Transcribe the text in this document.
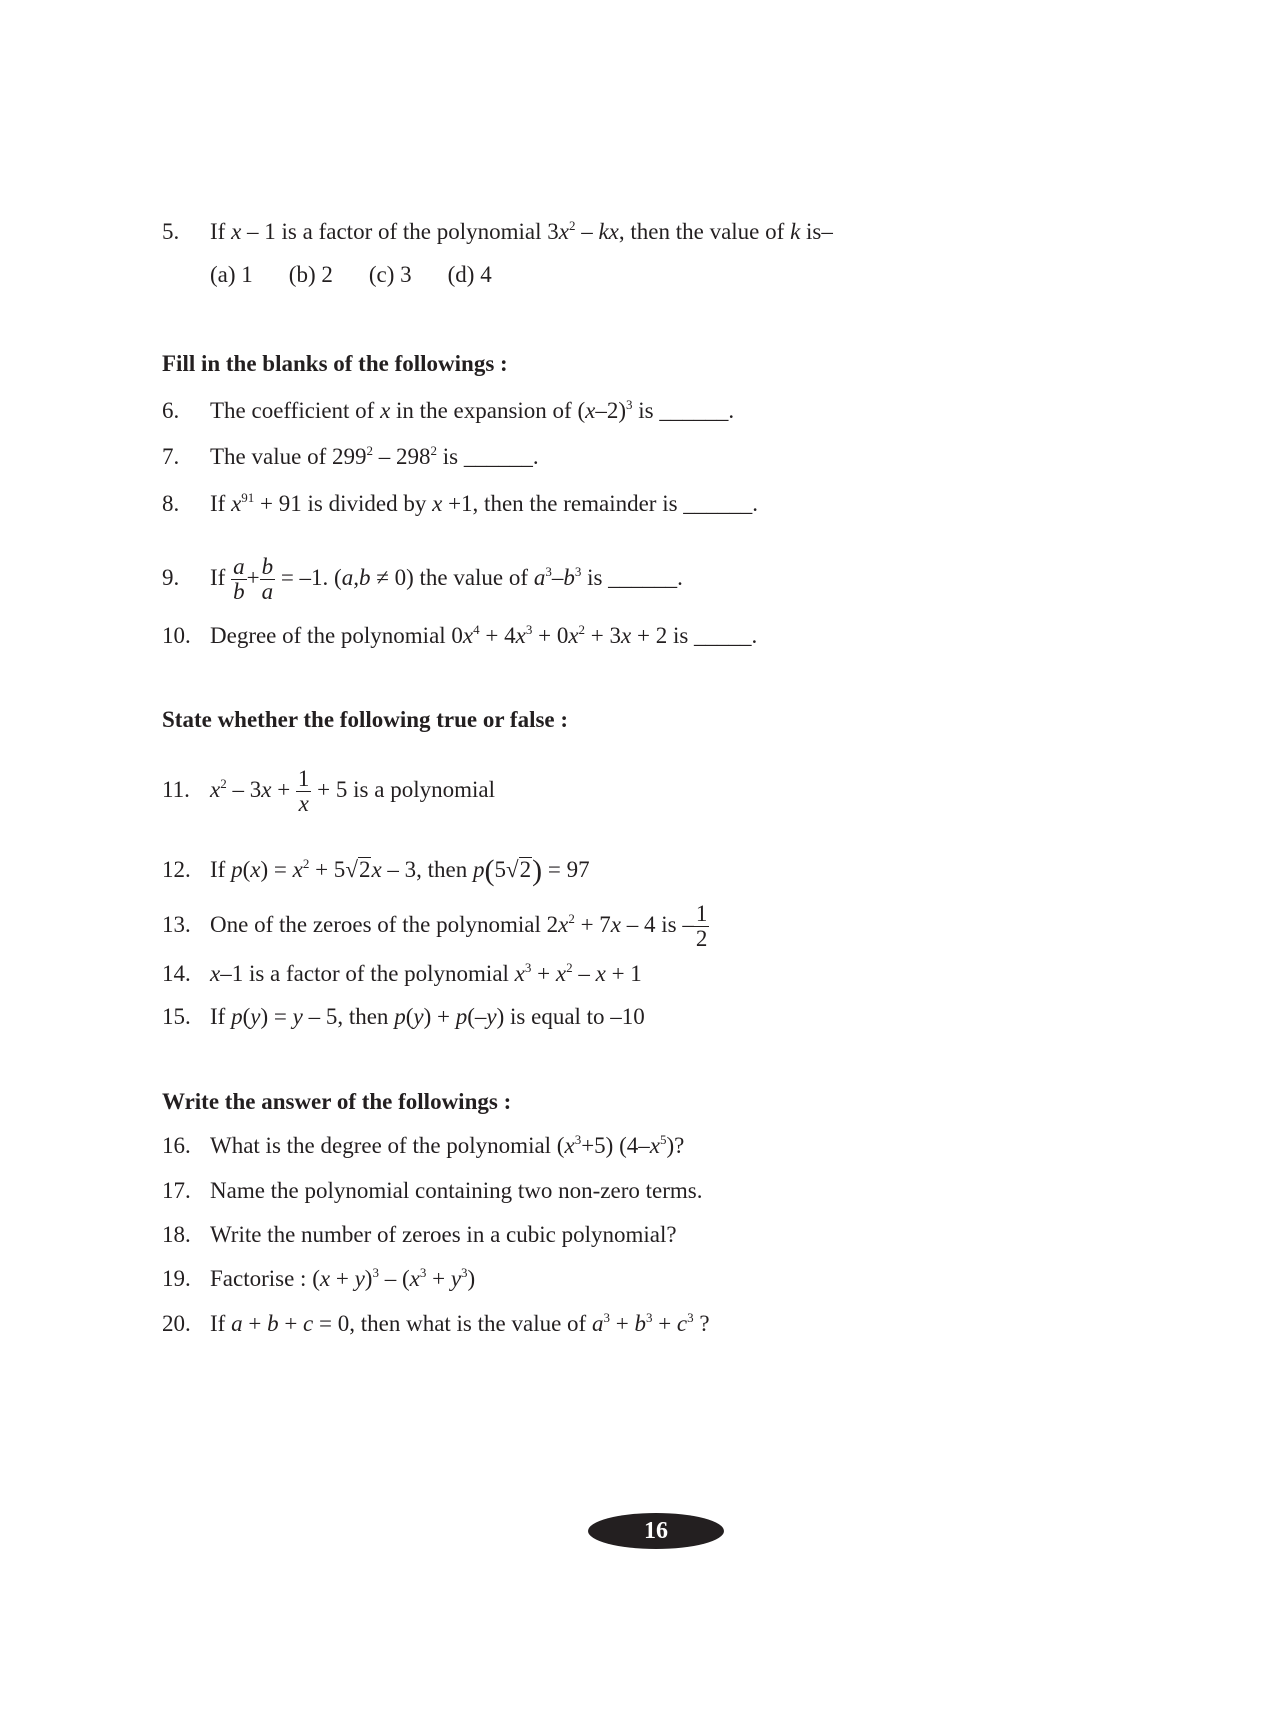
5. If x – 1 is a factor of the polynomial $3x^2$ – kx, then the value of k is–
(a) 1 (b) 2 (c) 3 (d) 4
Fill in the blanks of the followings :
6. The coefficient of x in the expansion of $(x-2)^3$ is ______.
7. The value of $299^2 - 298^2$ is ______.
8. If $x^{91} + 91$ is divided by x +1, then the remainder is ______.
9. If $\frac{a}{b} + \frac{b}{a} = -1$. (a,b ≠ 0) the value of $a^3-b^3$ is ______.
10. Degree of the polynomial $0x^4 + 4x^3 + 0x^2 + 3x + 2$ is _____.
State whether the following true or false :
11. $x^2 - 3x + \frac{1}{x} + 5$ is a polynomial
12. If $p(x) = x^2 + 5√2x - 3$, then p(5√2) = 97
13. One of the zeroes of the polynomial $2x^2 + 7x - 4$ is – $\frac{1}{2}$
14. x–1 is a factor of the polynomial $x^3 + x^2 - x + 1$
15. If p(y) = y – 5, then p(y) + p(–y) is equal to –10
Write the answer of the followings :
16. What is the degree of the polynomial $(x^3+5)$ $(4-x^5)$?
17. Name the polynomial containing two non-zero terms.
18. Write the number of zeroes in a cubic polynomial?
19. Factorise : $(x + y)^3 - (x^3 + y^3)$
20. If a + b + c = 0, then what is the value of $a^3 + b^3 + c^3$ ?
16
